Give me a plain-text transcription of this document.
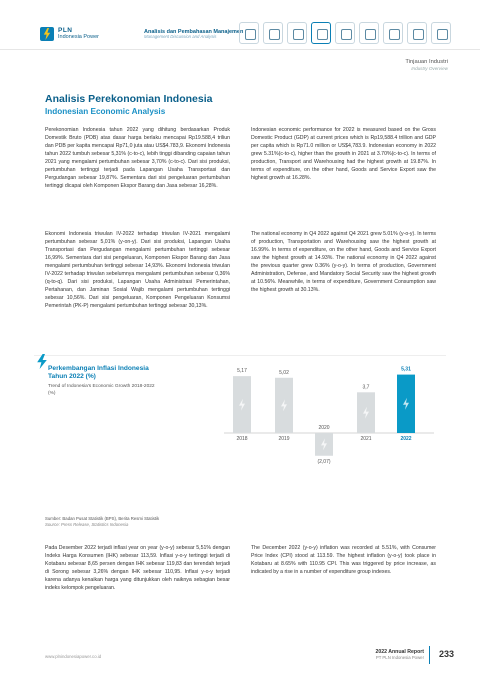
PLN
Indonesia Power
Analisis dan Pembahasan Manajemen
Management Discussion and Analysis
Tinjauan Industri
Industry Overview
Analisis Perekonomian Indonesia
Indonesian Economic Analysis

Perekonomian Indonesia tahun 2022 yang dihitung berdasarkan Produk Domestik Bruto (PDB) atas dasar harga berlaku mencapai Rp19.588,4 triliun dan PDB per kapita mencapai Rp71,0 juta atau US$4.783,9. Ekonomi Indonesia tahun 2022 tumbuh sebesar 5,31% (c-to-c), lebih tinggi dibanding capaian tahun 2021 yang mengalami pertumbuhan sebesar 3,70% (c-to-c). Dari sisi produksi, pertumbuhan tertinggi terjadi pada Lapangan Usaha Transportasi dan Pergudangan sebesar 19,87%. Sementara dari sisi pengeluaran pertumbuhan tertinggi dicapai oleh Komponen Ekspor Barang dan Jasa sebesar 16,28%.

Indonesian economic performance for 2022 is measured based on the Gross Domestic Product (GDP) at current prices which is Rp19,588.4 trillion and GDP per capita which is Rp71.0 million or US$4,783.9. Indonesian economy in 2022 grew 5.31%(c-to-c), higher than the growth in 2021 at 3.70%(c-to-c). In terms of production, Transport and Warehousing had the highest growth at 19.87%. In terms of expenditure, on the other hand, Goods and Service Export saw the highest growth at 16.28%.

Ekonomi Indonesia triwulan IV-2022 terhadap triwulan IV-2021 mengalami pertumbuhan sebesar 5,01% (y-on-y). Dari sisi produksi, Lapangan Usaha Transportasi dan Pergudangan mengalami pertumbuhan tertinggi sebesar 16,99%. Sementara dari sisi pengeluaran, Komponen Ekspor Barang dan Jasa mengalami pertumbuhan tertinggi sebesar 14,93%. Ekonomi Indonesia triwulan IV-2022 terhadap triwulan sebelumnya mengalami pertumbuhan sebesar 0,36% (q-to-q). Dari sisi produksi, Lapangan Usaha Administrasi Pemerintahan, Pertahanan, dan Jaminan Sosial Wajib mengalami pertumbuhan tertinggi sebesar 10,56%. Dari sisi pengeluaran, Komponen Pengeluaran Konsumsi Pemerintah (PK-P) mengalami pertumbuhan tertinggi sebesar 30,13%.

The national economy in Q4 2022 against Q4 2021 grew 5.01% (y-o-y). In terms of production, Transportation and Warehousing saw the highest growth at 16.99%. In terms of expenditure, on the other hand, Goods and Service Export saw the highest growth at 14.93%. The national economy in Q4 2022 against the previous quarter grew 0.36% (y-o-y). In terms of production, Government Administration, Defense, and Mandatory Social Security saw the highest growth at 10.56%. Meanwhile, in terms of expenditure, Government Consumption saw the highest growth at 30.13%.

Perkembangan Inflasi Indonesia Tahun 2022 (%)
Trend of Indonesia's Economic Growth 2018-2022 (%)
5,17
2018
5,02
2019
(2,07)
2020
3,7
2021
5,31
2022
Sumber: Badan Pusat Statistik (BPS), Berita Resmi Statistik
Source: Press Release, Statistics Indonesia

Pada Desember 2022 terjadi inflasi year on year (y-o-y) sebesar 5,51% dengan Indeks Harga Konsumen (IHK) sebesar 113,59. Inflasi y-o-y tertinggi terjadi di Kotabaru sebesar 8,65 persen dengan IHK sebesar 119,83 dan terendah terjadi di Sorong sebesar 3,26% dengan IHK sebesar 110,95. Inflasi y-o-y terjadi karena adanya kenaikan harga yang ditunjukkan oleh naiknya sebagian besar indeks kelompok pengeluaran.

The December 2022 (y-o-y) inflation was recorded at 5.51%, with Consumer Price Index (CPI) stood at 113.59. The highest inflation (y-o-y) took place in Kotabaru at 8.65% with 110.95 CPI. This was triggered by price increase, as indicated by a rise in a number of expenditure group indexes.

www.plnindonesiapower.co.id
2022 Annual Report
PT PLN Indonesia Power 233
